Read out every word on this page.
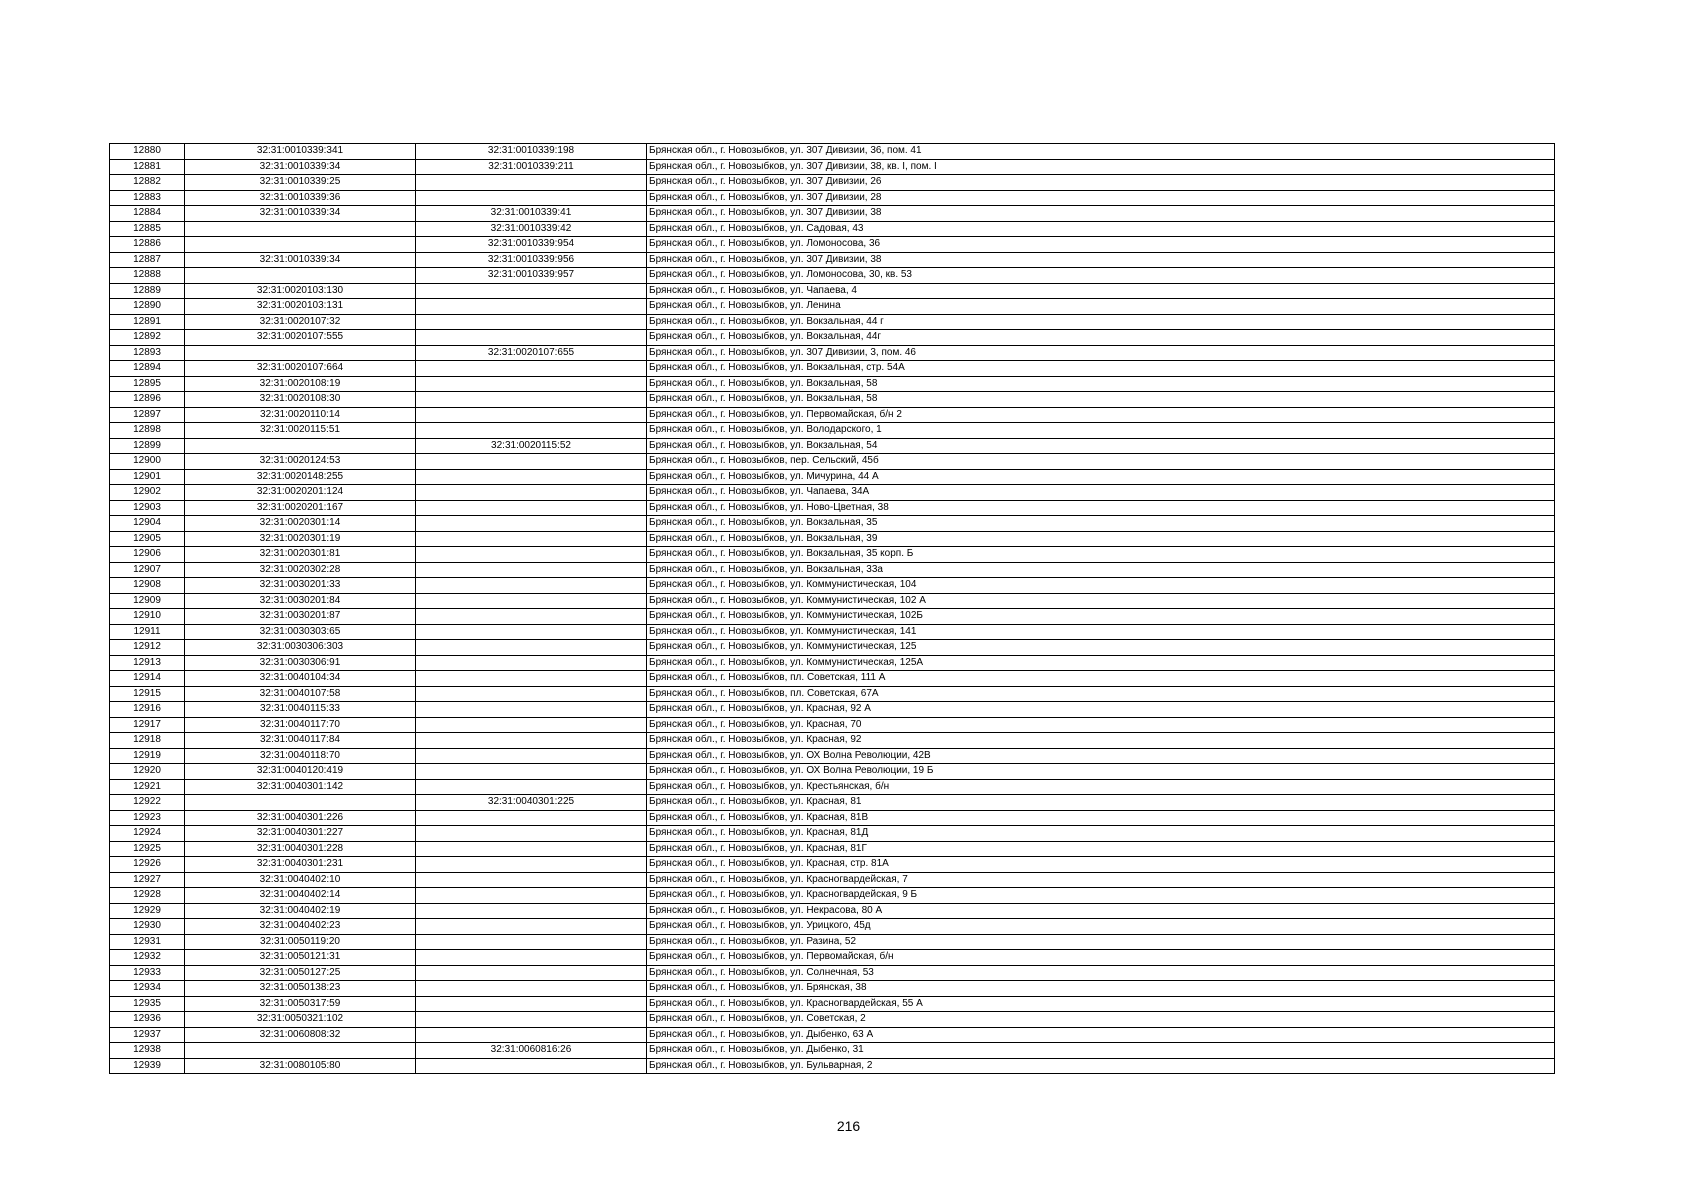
12880	32:31:0010339:341	32:31:0010339:198	Брянская обл., г. Новозыбков, ул. 307 Дивизии, 36, пом. 41
12881	32:31:0010339:34	32:31:0010339:211	Брянская обл., г. Новозыбков, ул. 307 Дивизии, 38, кв. I, пом. I
12882	32:31:0010339:25		Брянская обл., г. Новозыбков, ул. 307 Дивизии, 26
12883	32:31:0010339:36		Брянская обл., г. Новозыбков, ул. 307 Дивизии, 28
12884	32:31:0010339:34	32:31:0010339:41	Брянская обл., г. Новозыбков, ул. 307 Дивизии, 38
12885		32:31:0010339:42	Брянская обл., г. Новозыбков, ул. Садовая, 43
12886		32:31:0010339:954	Брянская обл., г. Новозыбков, ул. Ломоносова, 36
12887	32:31:0010339:34	32:31:0010339:956	Брянская обл., г. Новозыбков, ул. 307 Дивизии, 38
12888		32:31:0010339:957	Брянская обл., г. Новозыбков, ул. Ломоносова, 30, кв. 53
12889	32:31:0020103:130		Брянская обл., г. Новозыбков, ул. Чапаева, 4
12890	32:31:0020103:131		Брянская обл., г. Новозыбков, ул. Ленина
12891	32:31:0020107:32		Брянская обл., г. Новозыбков, ул. Вокзальная, 44 г
12892	32:31:0020107:555		Брянская обл., г. Новозыбков, ул. Вокзальная, 44г
12893		32:31:0020107:655	Брянская обл., г. Новозыбков, ул. 307 Дивизии, 3, пом. 46
12894	32:31:0020107:664		Брянская обл., г. Новозыбков, ул. Вокзальная, стр. 54А
12895	32:31:0020108:19		Брянская обл., г. Новозыбков, ул. Вокзальная, 58
12896	32:31:0020108:30		Брянская обл., г. Новозыбков, ул. Вокзальная, 58
12897	32:31:0020110:14		Брянская обл., г. Новозыбков, ул. Первомайская, б/н 2
12898	32:31:0020115:51		Брянская обл., г. Новозыбков, ул. Володарского, 1
12899		32:31:0020115:52	Брянская обл., г. Новозыбков, ул. Вокзальная, 54
12900	32:31:0020124:53		Брянская обл., г. Новозыбков, пер. Сельский, 45б
12901	32:31:0020148:255		Брянская обл., г. Новозыбков, ул. Мичурина, 44 А
12902	32:31:0020201:124		Брянская обл., г. Новозыбков, ул. Чапаева, 34А
12903	32:31:0020201:167		Брянская обл., г. Новозыбков, ул. Ново-Цветная, 38
12904	32:31:0020301:14		Брянская обл., г. Новозыбков, ул. Вокзальная, 35
12905	32:31:0020301:19		Брянская обл., г. Новозыбков, ул. Вокзальная, 39
12906	32:31:0020301:81		Брянская обл., г. Новозыбков, ул. Вокзальная, 35 корп. Б
12907	32:31:0020302:28		Брянская обл., г. Новозыбков, ул. Вокзальная, 33а
12908	32:31:0030201:33		Брянская обл., г. Новозыбков, ул. Коммунистическая, 104
12909	32:31:0030201:84		Брянская обл., г. Новозыбков, ул. Коммунистическая, 102 А
12910	32:31:0030201:87		Брянская обл., г. Новозыбков, ул. Коммунистическая, 102Б
12911	32:31:0030303:65		Брянская обл., г. Новозыбков, ул. Коммунистическая, 141
12912	32:31:0030306:303		Брянская обл., г. Новозыбков, ул. Коммунистическая, 125
12913	32:31:0030306:91		Брянская обл., г. Новозыбков, ул. Коммунистическая, 125А
12914	32:31:0040104:34		Брянская обл., г. Новозыбков, пл. Советская, 111 А
12915	32:31:0040107:58		Брянская обл., г. Новозыбков, пл. Советская, 67А
12916	32:31:0040115:33		Брянская обл., г. Новозыбков, ул. Красная, 92 А
12917	32:31:0040117:70		Брянская обл., г. Новозыбков, ул. Красная, 70
12918	32:31:0040117:84		Брянская обл., г. Новозыбков, ул. Красная, 92
12919	32:31:0040118:70		Брянская обл., г. Новозыбков, ул. ОХ Волна Революции, 42В
12920	32:31:0040120:419		Брянская обл., г. Новозыбков, ул. ОХ Волна Революции, 19 Б
12921	32:31:0040301:142		Брянская обл., г. Новозыбков, ул. Крестьянская, б/н
12922		32:31:0040301:225	Брянская обл., г. Новозыбков, ул. Красная, 81
12923	32:31:0040301:226		Брянская обл., г. Новозыбков, ул. Красная, 81В
12924	32:31:0040301:227		Брянская обл., г. Новозыбков, ул. Красная, 81Д
12925	32:31:0040301:228		Брянская обл., г. Новозыбков, ул. Красная, 81Г
12926	32:31:0040301:231		Брянская обл., г. Новозыбков, ул. Красная, стр. 81А
12927	32:31:0040402:10		Брянская обл., г. Новозыбков, ул. Красногвардейская, 7
12928	32:31:0040402:14		Брянская обл., г. Новозыбков, ул. Красногвардейская, 9 Б
12929	32:31:0040402:19		Брянская обл., г. Новозыбков, ул. Некрасова, 80 А
12930	32:31:0040402:23		Брянская обл., г. Новозыбков, ул. Урицкого, 45д
12931	32:31:0050119:20		Брянская обл., г. Новозыбков, ул. Разина, 52
12932	32:31:0050121:31		Брянская обл., г. Новозыбков, ул. Первомайская, б/н
12933	32:31:0050127:25		Брянская обл., г. Новозыбков, ул. Солнечная, 53
12934	32:31:0050138:23		Брянская обл., г. Новозыбков, ул. Брянская, 38
12935	32:31:0050317:59		Брянская обл., г. Новозыбков, ул. Красногвардейская, 55 А
12936	32:31:0050321:102		Брянская обл., г. Новозыбков, ул. Советская, 2
12937	32:31:0060808:32		Брянская обл., г. Новозыбков, ул. Дыбенко, 63 А
12938		32:31:0060816:26	Брянская обл., г. Новозыбков, ул. Дыбенко, 31
12939	32:31:0080105:80		Брянская обл., г. Новозыбков, ул. Бульварная, 2
216
